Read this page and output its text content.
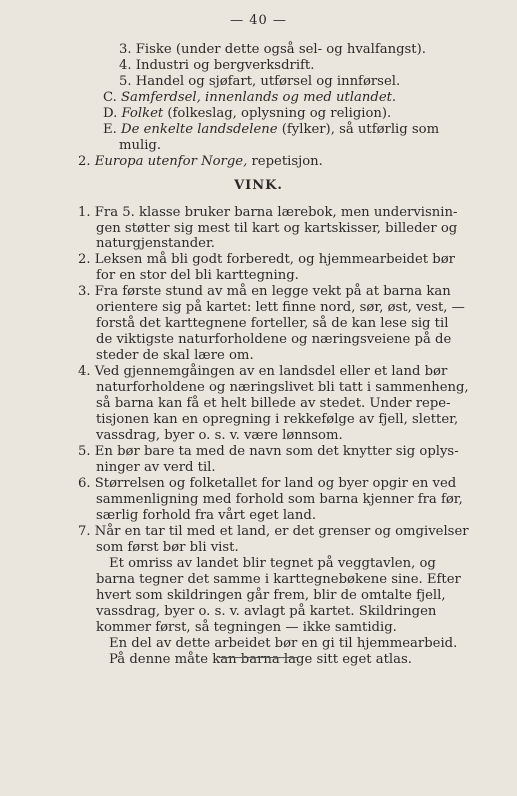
— 40 —
3. Fiske (under dette også sel- og hvalfangst).
4. Industri og bergverksdrift.
5. Handel og sjøfart, utførsel og innførsel.
C. Samferdsel, innenlands og med utlandet.
D. Folket (folkeslag, oplysning og religion).
E. De enkelte landsdelene (fylker), så utførlig som
mulig.
2. Europa utenfor Norge, repetisjon.
VINK.
1. Fra 5. klasse bruker barna lærebok, men undervisnin-
gen støtter sig mest til kart og kartskisser, billeder og
naturgjenstander.
2. Leksen må bli godt forberedt, og hjemmearbeidet bør
for en stor del bli karttegning.
3. Fra første stund av må en legge vekt på at barna kan
orientere sig på kartet: lett finne nord, sør, øst, vest, —
forstå det karttegnene forteller, så de kan lese sig til
de viktigste naturforholdene og næringsveiene på de
steder de skal lære om.
4. Ved gjennemgåingen av en landsdel eller et land bør
naturforholdene og næringslivet bli tatt i sammenheng,
så barna kan få et helt billede av stedet. Under repe-
tisjonen kan en opregning i rekkefølge av fjell, sletter,
vassdrag, byer o. s. v. være lønnsom.
5. En bør bare ta med de navn som det knytter sig oplys-
ninger av verd til.
6. Størrelsen og folketallet for land og byer opgir en ved
sammenligning med forhold som barna kjenner fra før,
særlig forhold fra vårt eget land.
7. Når en tar til med et land, er det grenser og omgivelser
som først bør bli vist.
Et omriss av landet blir tegnet på veggtavlen, og
barna tegner det samme i karttegnebøkene sine. Efter
hvert som skildringen går frem, blir de omtalte fjell,
vassdrag, byer o. s. v. avlagt på kartet. Skildringen
kommer først, så tegningen — ikke samtidig.
En del av dette arbeidet bør en gi til hjemmearbeid.
På denne måte kan barna lage sitt eget atlas.
